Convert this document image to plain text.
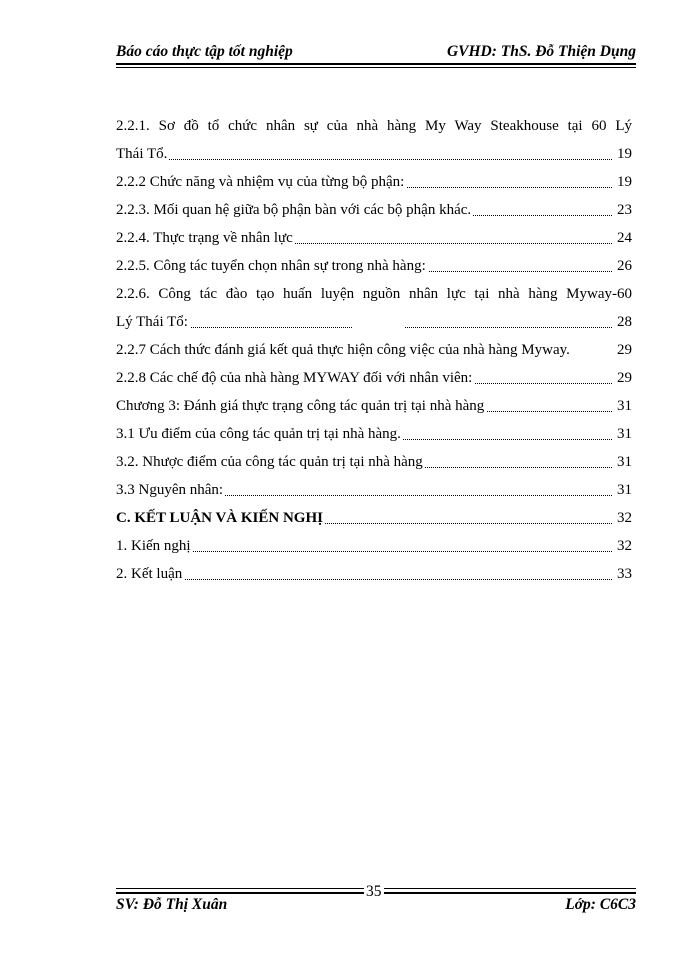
Báo cáo thực tập tốt nghiệp	GVHD: ThS. Đỗ Thiện Dụng
2.2.1. Sơ đồ tổ chức nhân sự của nhà hàng My Way Steakhouse tại 60 Lý
Thái Tổ.	19
2.2.2 Chức năng và nhiệm vụ của từng bộ phận:	19
2.2.3. Mối quan hệ giữa bộ phận bàn với các bộ phận khác.	23
2.2.4. Thực trạng về nhân lực	24
2.2.5. Công tác tuyển chọn nhân sự trong nhà hàng:	26
2.2.6. Công tác đào tạo huấn luyện nguồn nhân lực tại nhà hàng Myway-60
Lý Thái Tổ:	28
2.2.7 Cách thức đánh giá kết quả thực hiện công việc của nhà hàng Myway.	29
2.2.8 Các chế độ của nhà hàng MYWAY đối với nhân viên:	29
Chương 3: Đánh giá thực trạng công tác quản trị tại nhà hàng	31
3.1 Ưu điểm của công tác quản trị tại nhà hàng.	31
3.2. Nhược điểm của công tác quản trị tại nhà hàng	31
3.3 Nguyên nhân:	31
C. KẾT LUẬN VÀ KIẾN NGHỊ	32
1. Kiến nghị	32
2. Kết luận	33
35
SV: Đỗ Thị Xuân	Lớp: C6C3
